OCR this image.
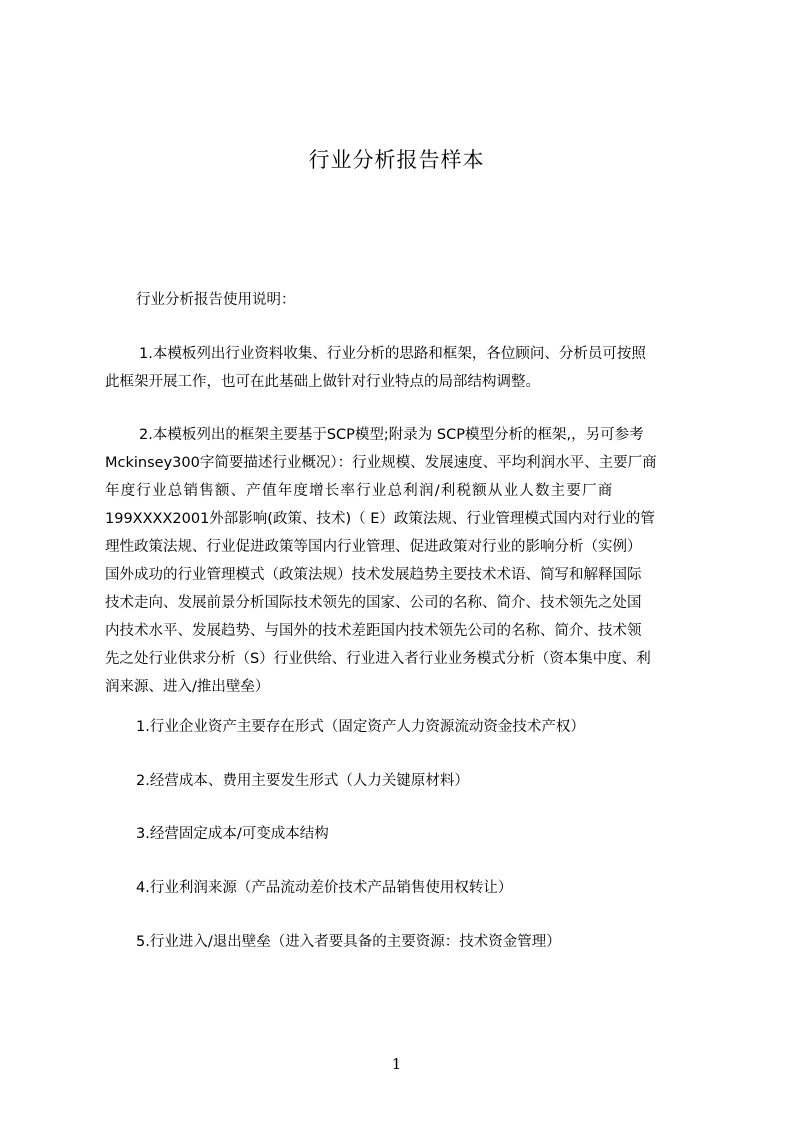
行业分析报告样本
行业分析报告使用说明：
1.本模板列出行业资料收集、行业分析的思路和框架，各位顾问、分析员可按照
此框架开展工作，也可在此基础上做针对行业特点的局部结构调整。
2.本模板列出的框架主要基于SCP模型;附录为 SCP模型分析的框架,，另可参考
Mckinsey300字简要描述行业概况）：行业规模、发展速度、平均利润水平、主要厂商
年度行业总销售额、产值年度增长率行业总利润/利税额从业人数主要厂商
199XXXX2001外部影响(政策、技术)（ E）政策法规、行业管理模式国内对行业的管
理性政策法规、行业促进政策等国内行业管理、促进政策对行业的影响分析（实例）
国外成功的行业管理模式（政策法规）技术发展趋势主要技术术语、简写和解释国际
技术走向、发展前景分析国际技术领先的国家、公司的名称、简介、技术领先之处国
内技术水平、发展趋势、与国外的技术差距国内技术领先公司的名称、简介、技术领
先之处行业供求分析（S）行业供给、行业进入者行业业务模式分析（资本集中度、利
润来源、进入/推出壁垒）
1.行业企业资产主要存在形式（固定资产人力资源流动资金技术产权）
2.经营成本、费用主要发生形式（人力关键原材料）
3.经营固定成本/可变成本结构
4.行业利润来源（产品流动差价技术产品销售使用权转让）
5.行业进入/退出壁垒（进入者要具备的主要资源：技术资金管理）
1
